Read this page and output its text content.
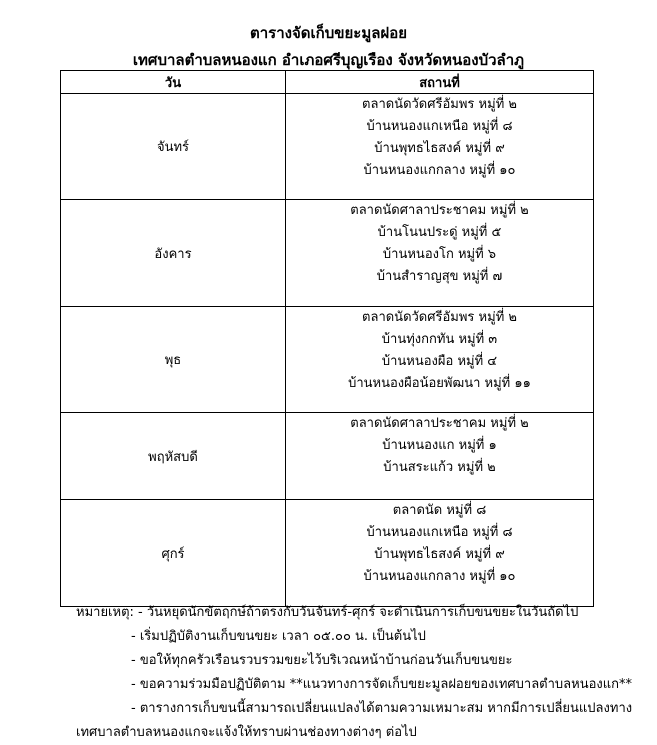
ตารางจัดเก็บขยะมูลฝอย
เทศบาลตำบลหนองแก อำเภอศรีบุญเรือง จังหวัดหนองบัวลำภู
วัน	สถานที่
จันทร์	ตลาดนัดวัดศรีอัมพร หมู่ที่ ๒
บ้านหนองแกเหนือ หมู่ที่ ๘
บ้านพุทธไธสงค์ หมู่ที่ ๙
บ้านหนองแกกลาง หมู่ที่ ๑๐

อังคาร	ตลาดนัดศาลาประชาคม หมู่ที่ ๒
บ้านโนนประดู่ หมู่ที่ ๕
บ้านหนองโก หมู่ที่ ๖
บ้านสำราญสุข หมู่ที่ ๗

พุธ	ตลาดนัดวัดศรีอัมพร หมู่ที่ ๒
บ้านทุ่งกกทัน หมู่ที่ ๓
บ้านหนองผือ หมู่ที่ ๔
บ้านหนองผือน้อยพัฒนา หมู่ที่ ๑๑

พฤหัสบดี	ตลาดนัดศาลาประชาคม หมู่ที่ ๒
บ้านหนองแก หมู่ที่ ๑
บ้านสระแก้ว หมู่ที่ ๒

ศุกร์	ตลาดนัด หมู่ที่ ๘
บ้านหนองแกเหนือ หมู่ที่ ๘
บ้านพุทธไธสงค์ หมู่ที่ ๙
บ้านหนองแกกลาง หมู่ที่ ๑๐
หมายเหตุ: - วันหยุดนักขัตฤกษ์ถ้าตรงกับวันจันทร์-ศุกร์ จะดำเนินการเก็บขนขยะในวันถัดไป
- เริ่มปฏิบัติงานเก็บขนขยะ เวลา ๐๕.๐๐ น. เป็นต้นไป
- ขอให้ทุกครัวเรือนรวบรวมขยะไว้บริเวณหน้าบ้านก่อนวันเก็บขนขยะ
- ขอความร่วมมือปฏิบัติตาม **แนวทางการจัดเก็บขยะมูลฝอยของเทศบาลตำบลหนองแก**
- ตารางการเก็บขนนี้สามารถเปลี่ยนแปลงได้ตามความเหมาะสม หากมีการเปลี่ยนแปลงทาง
เทศบาลตำบลหนองแกจะแจ้งให้ทราบผ่านช่องทางต่างๆ ต่อไป
